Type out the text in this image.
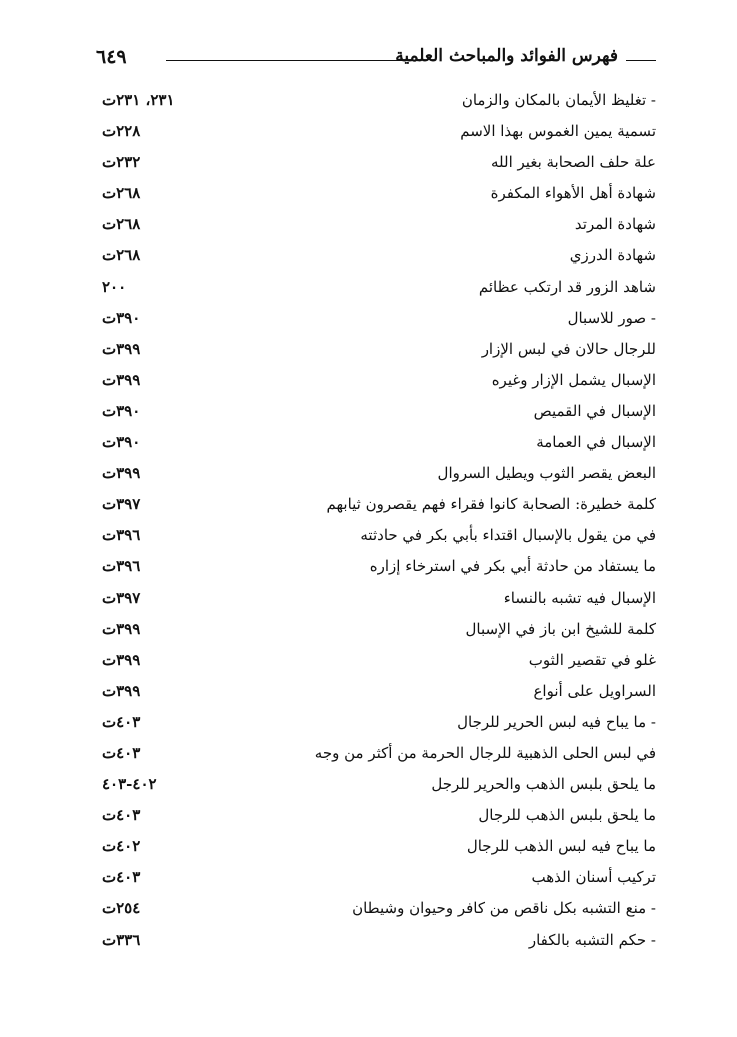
٦٤٩	فهرس الفوائد والمباحث العلمية
- تغليظ الأيمان بالمكان والزمان
٢٣١، ٢٣١ت
تسمية يمين الغموس بهذا الاسم
٢٢٨ت
علة حلف الصحابة بغير الله
٢٣٢ت
شهادة أهل الأهواء المكفرة
٢٦٨ت
شهادة المرتد
٢٦٨ت
شهادة الدرزي
٢٦٨ت
شاهد الزور قد ارتكب عظائم
٢٠٠
- صور للاسبال
٣٩٠ت
للرجال حالان في لبس الإزار
٣٩٩ت
الإسبال يشمل الإزار وغيره
٣٩٩ت
الإسبال في القميص
٣٩٠ت
الإسبال في العمامة
٣٩٠ت
البعض يقصر الثوب ويطيل السروال
٣٩٩ت
كلمة خطيرة: الصحابة كانوا فقراء فهم يقصرون ثيابهم
٣٩٧ت
في من يقول بالإسبال اقتداء بأبي بكر في حادثته
٣٩٦ت
ما يستفاد من حادثة أبي بكر في استرخاء إزاره
٣٩٦ت
الإسبال فيه تشبه بالنساء
٣٩٧ت
كلمة للشيخ ابن باز في الإسبال
٣٩٩ت
غلو في تقصير الثوب
٣٩٩ت
السراويل على أنواع
٣٩٩ت
- ما يباح فيه لبس الحرير للرجال
٤٠٣ت
في لبس الحلى الذهبية للرجال الحرمة من أكثر من وجه
٤٠٣ت
ما يلحق بلبس الذهب والحرير للرجل
٤٠٢-٤٠٣
ما يلحق بلبس الذهب للرجال
٤٠٣ت
ما يباح فيه لبس الذهب للرجال
٤٠٢ت
تركيب أسنان الذهب
٤٠٣ت
- منع التشبه بكل ناقص من كافر وحيوان وشيطان
٢٥٤ت
- حكم التشبه بالكفار
٣٣٦ت
